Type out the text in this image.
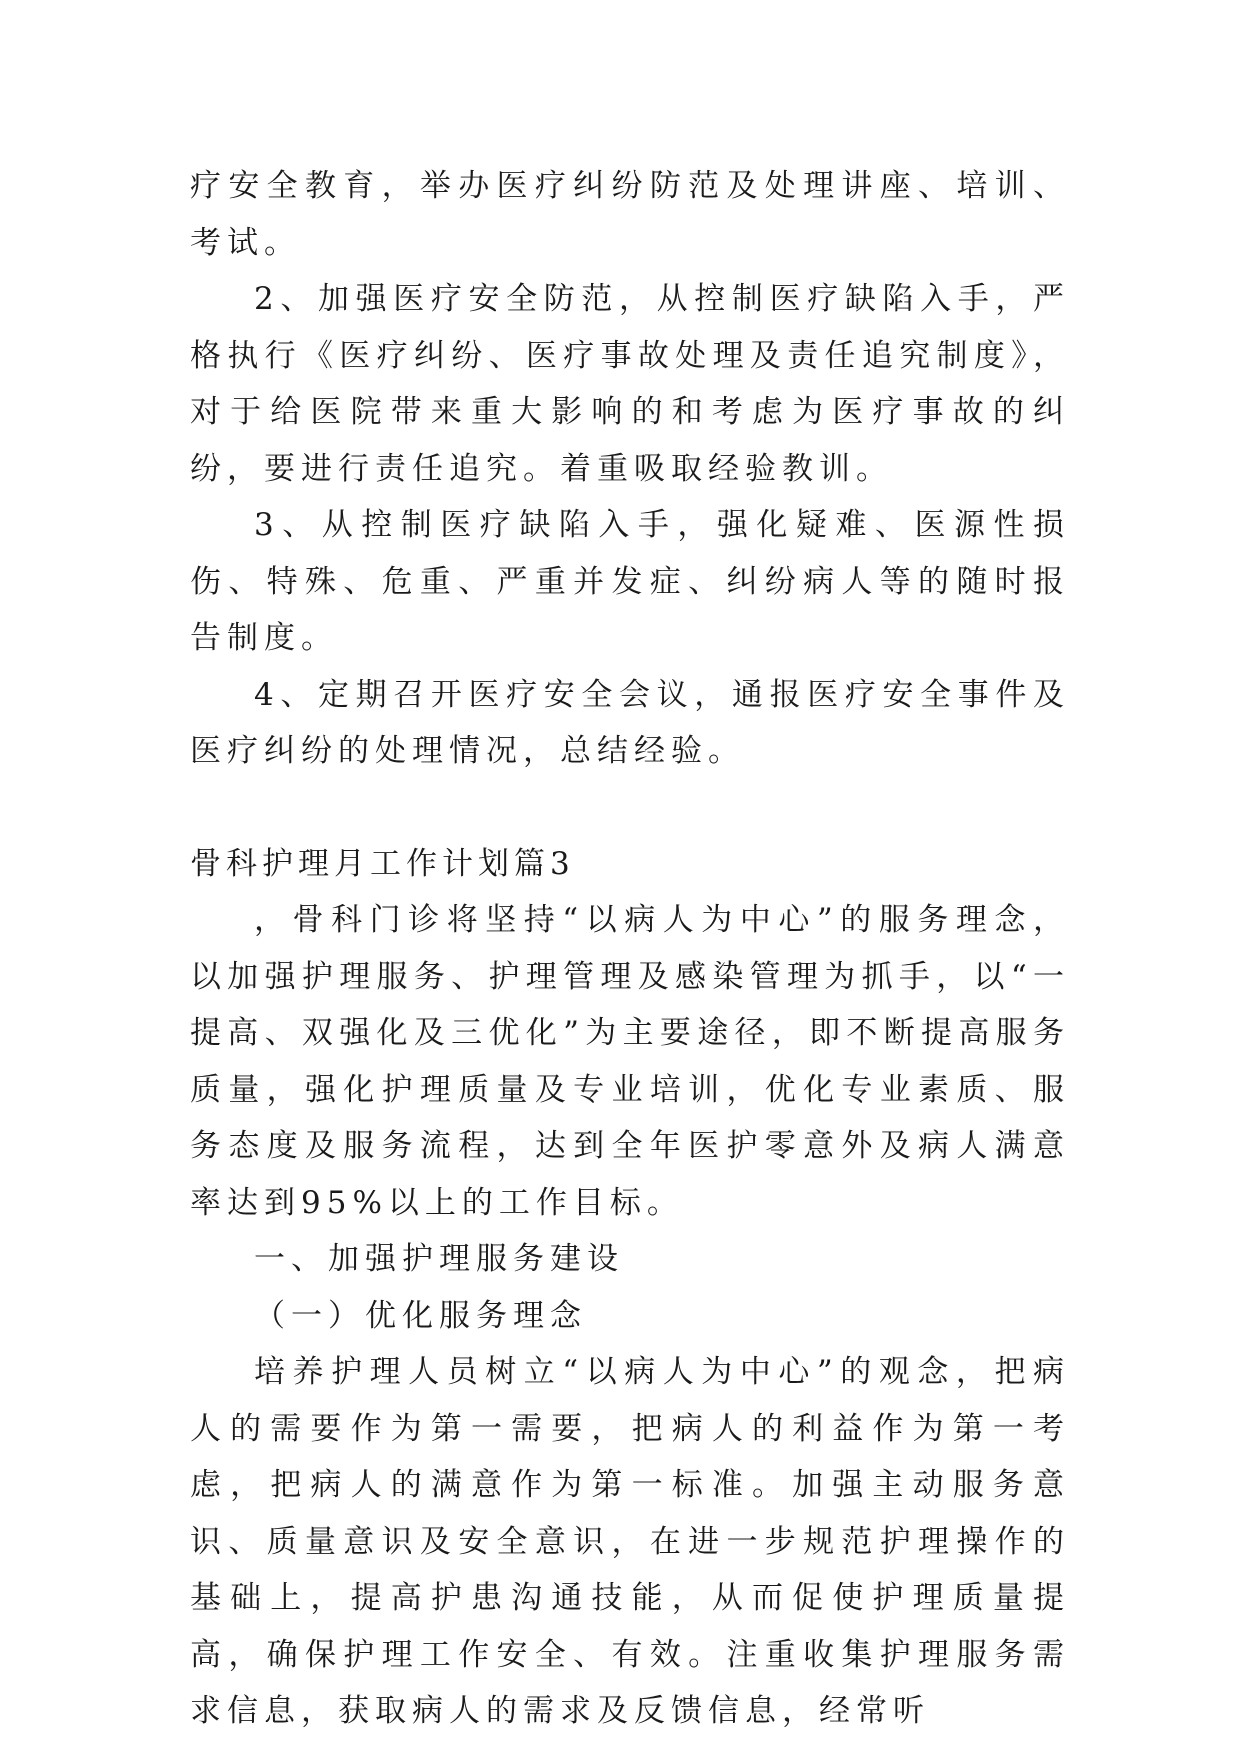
疗安全教育，举办医疗纠纷防范及处理讲座、培训、考试。

2、加强医疗安全防范，从控制医疗缺陷入手，严格执行《医疗纠纷、医疗事故处理及责任追究制度》，对于给医院带来重大影响的和考虑为医疗事故的纠纷，要进行责任追究。着重吸取经验教训。

3、从控制医疗缺陷入手，强化疑难、医源性损伤、特殊、危重、严重并发症、纠纷病人等的随时报告制度。

4、定期召开医疗安全会议，通报医疗安全事件及医疗纠纷的处理情况，总结经验。

骨科护理月工作计划篇3

，骨科门诊将坚持“以病人为中心”的服务理念，以加强护理服务、护理管理及感染管理为抓手，以“一提高、双强化及三优化”为主要途径，即不断提高服务质量，强化护理质量及专业培训，优化专业素质、服务态度及服务流程，达到全年医护零意外及病人满意率达到95%以上的工作目标。

一、加强护理服务建设

（一）优化服务理念

培养护理人员树立“以病人为中心”的观念，把病人的需要作为第一需要，把病人的利益作为第一考虑，把病人的满意作为第一标准。加强主动服务意识、质量意识及安全意识，在进一步规范护理操作的基础上，提高护患沟通技能，从而促使护理质量提高，确保护理工作安全、有效。注重收集护理服务需求信息，获取病人的需求及反馈信息，经常听
